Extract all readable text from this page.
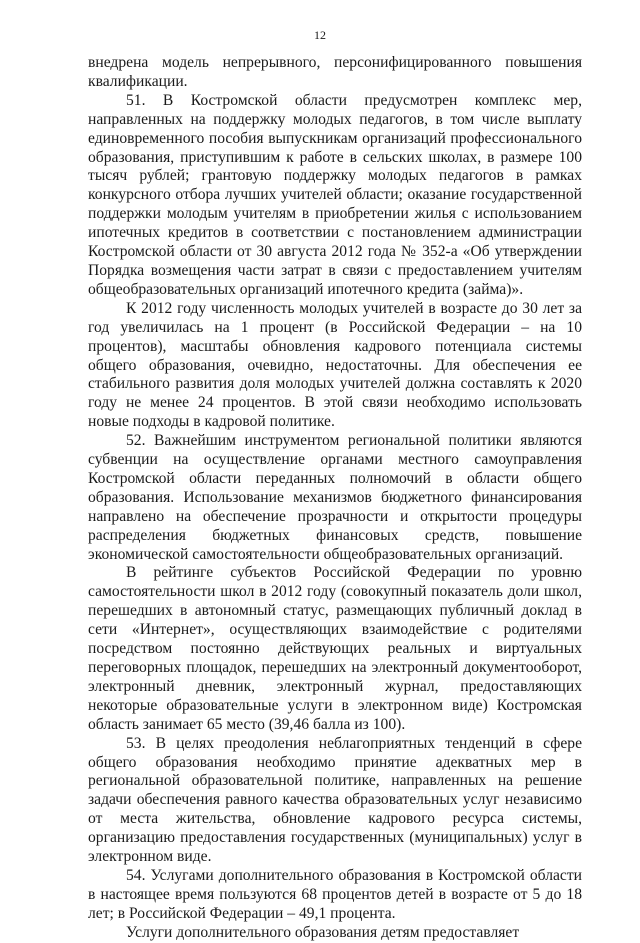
12

внедрена модель непрерывного, персонифицированного повышения квалификации.

51. В Костромской области предусмотрен комплекс мер, направленных на поддержку молодых педагогов, в том числе выплату единовременного пособия выпускникам организаций профессионального образования, приступившим к работе в сельских школах, в размере 100 тысяч рублей; грантовую поддержку молодых педагогов в рамках конкурсного отбора лучших учителей области; оказание государственной поддержки молодым учителям в приобретении жилья с использованием ипотечных кредитов в соответствии с постановлением администрации Костромской области от 30 августа 2012 года № 352-а «Об утверждении Порядка возмещения части затрат в связи с предоставлением учителям общеобразовательных организаций ипотечного кредита (займа)».

К 2012 году численность молодых учителей в возрасте до 30 лет за год увеличилась на 1 процент (в Российской Федерации – на 10 процентов), масштабы обновления кадрового потенциала системы общего образования, очевидно, недостаточны. Для обеспечения ее стабильного развития доля молодых учителей должна составлять к 2020 году не менее 24 процентов. В этой связи необходимо использовать новые подходы в кадровой политике.

52. Важнейшим инструментом региональной политики являются субвенции на осуществление органами местного самоуправления Костромской области переданных полномочий в области общего образования. Использование механизмов бюджетного финансирования направлено на обеспечение прозрачности и открытости процедуры распределения бюджетных финансовых средств, повышение экономической самостоятельности общеобразовательных организаций.

В рейтинге субъектов Российской Федерации по уровню самостоятельности школ в 2012 году (совокупный показатель доли школ, перешедших в автономный статус, размещающих публичный доклад в сети «Интернет», осуществляющих взаимодействие с родителями посредством постоянно действующих реальных и виртуальных переговорных площадок, перешедших на электронный документооборот, электронный дневник, электронный журнал, предоставляющих некоторые образовательные услуги в электронном виде) Костромская область занимает 65 место (39,46 балла из 100).

53. В целях преодоления неблагоприятных тенденций в сфере общего образования необходимо принятие адекватных мер в региональной образовательной политике, направленных на решение задачи обеспечения равного качества образовательных услуг независимо от места жительства, обновление кадрового ресурса системы, организацию предоставления государственных (муниципальных) услуг в электронном виде.

54. Услугами дополнительного образования в Костромской области в настоящее время пользуются 68 процентов детей в возрасте от 5 до 18 лет; в Российской Федерации – 49,1 процента.

Услуги дополнительного образования детям предоставляет
